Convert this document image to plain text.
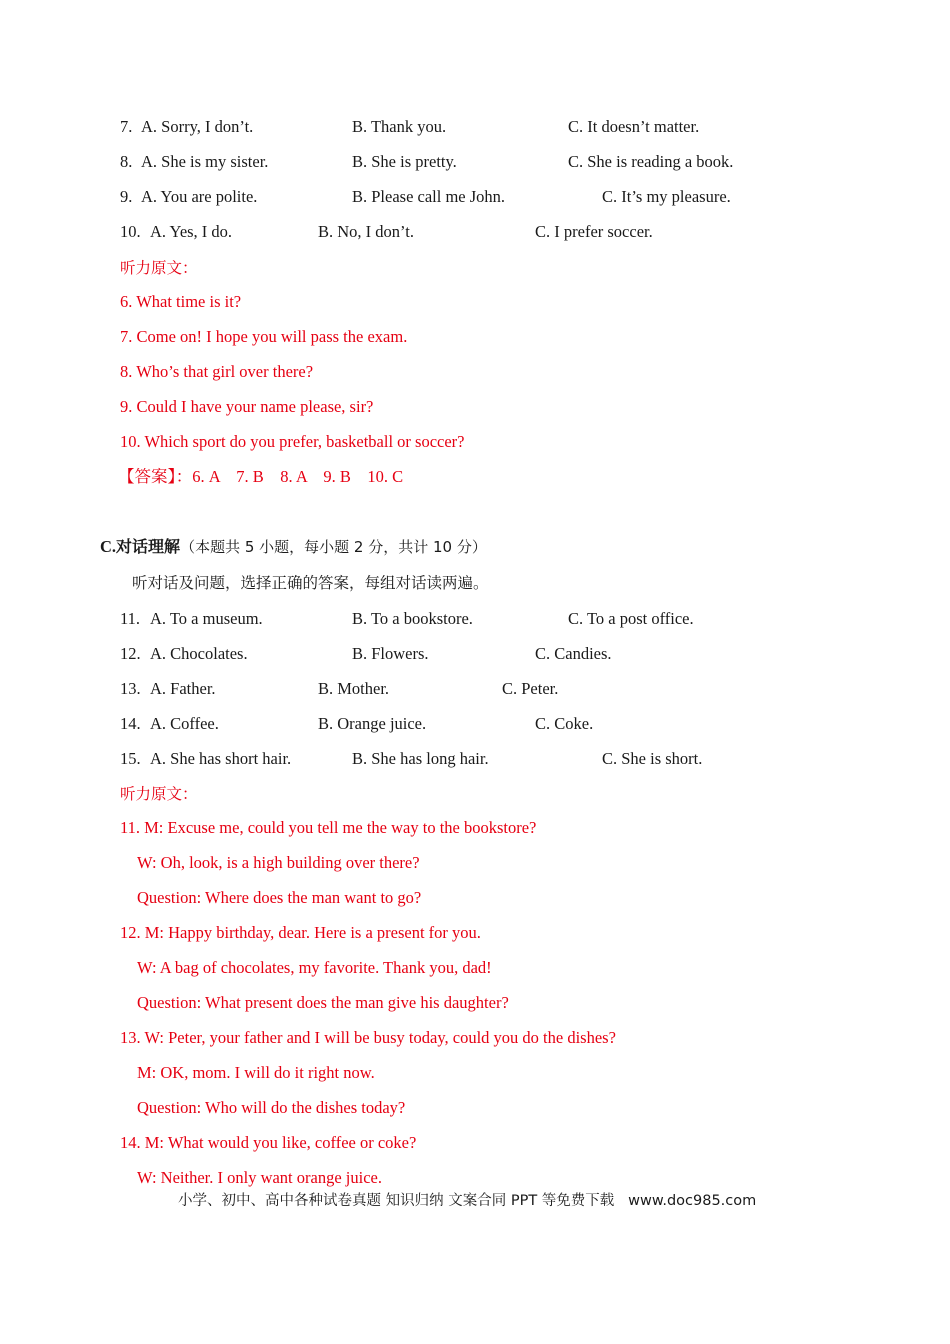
7. A. Sorry, I don’t.	B. Thank you.	C. It doesn’t matter.
8. A. She is my sister.	B. She is pretty.	C. She is reading a book.
9. A. You are polite.	B. Please call me John.	C. It’s my pleasure.
10. A. Yes, I do.	B. No, I don’t.	C. I prefer soccer.
听力原文：
6. What time is it?
7. Come on! I hope you will pass the exam.
8. Who’s that girl over there?
9. Could I have your name please, sir?
10. Which sport do you prefer, basketball or soccer?
【答案】：6. A    7. B    8. A    9. B    10. C
C.对话理解（本题共 5 小题，每小题 2 分，共计 10 分）
听对话及问题，选择正确的答案，每组对话读两遍。
11. A. To a museum.	B. To a bookstore.	C. To a post office.
12. A. Chocolates.	B. Flowers.	C. Candies.
13. A. Father.	B. Mother.	C. Peter.
14. A. Coffee.	B. Orange juice.	C. Coke.
15. A. She has short hair.	B. She has long hair.	C. She is short.
听力原文：
11. M: Excuse me, could you tell me the way to the bookstore?
W: Oh, look, is a high building over there?
Question: Where does the man want to go?
12. M: Happy birthday, dear. Here is a present for you.
W: A bag of chocolates, my favorite. Thank you, dad!
Question: What present does the man give his daughter?
13. W: Peter, your father and I will be busy today, could you do the dishes?
M: OK, mom. I will do it right now.
Question: Who will do the dishes today?
14. M: What would you like, coffee or coke?
W: Neither. I only want orange juice.
小学、初中、高中各种试卷真题 知识归纳 文案合同 PPT 等免费下载   www.doc985.com
